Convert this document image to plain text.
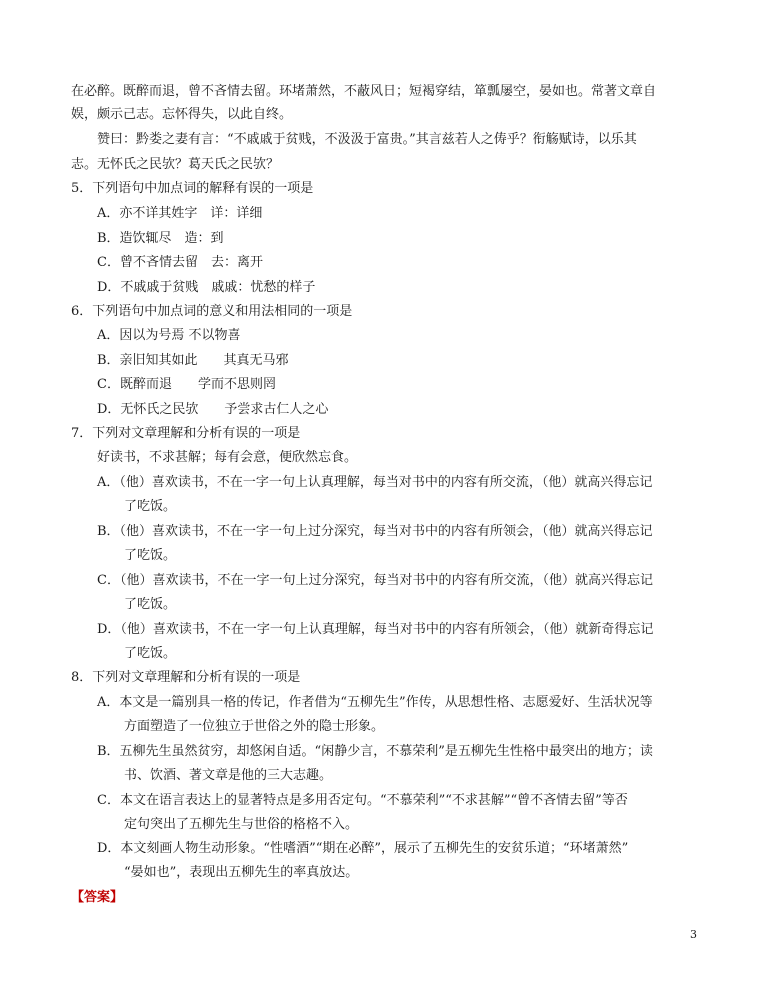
在必醉。既醉而退，曾不吝情去留。环堵萧然，不蔽风日；短褐穿结，箪瓢屡空，晏如也。常著文章自
娱，颇示己志。忘怀得失，以此自终。
赞曰：黔娄之妻有言：“不戚戚于贫贱，不汲汲于富贵。”其言兹若人之俦乎？衔觞赋诗，以乐其
志。无怀氏之民欤？葛天氏之民欤？
5．下列语句中加点词的解释有误的一项是
A．亦不详其姓字　详：详细
B．造饮辄尽　造：到
C．曾不吝情去留　去：离开
D．不戚戚于贫贱　戚戚：忧愁的样子
6．下列语句中加点词的意义和用法相同的一项是
A．因以为号焉 不以物喜
B．亲旧知其如此　　其真无马邪
C．既醉而退　　学而不思则罔
D．无怀氏之民欤　　予尝求古仁人之心
7．下列对文章理解和分析有误的一项是
好读书，不求甚解；每有会意，便欣然忘食。
A．（他）喜欢读书，不在一字一句上认真理解，每当对书中的内容有所交流，（他）就高兴得忘记
了吃饭。
B．（他）喜欢读书，不在一字一句上过分深究，每当对书中的内容有所领会，（他）就高兴得忘记
了吃饭。
C．（他）喜欢读书，不在一字一句上过分深究，每当对书中的内容有所交流，（他）就高兴得忘记
了吃饭。
D．（他）喜欢读书，不在一字一句上认真理解，每当对书中的内容有所领会，（他）就新奇得忘记
了吃饭。
8．下列对文章理解和分析有误的一项是
A．本文是一篇别具一格的传记，作者借为“五柳先生”作传，从思想性格、志愿爱好、生活状况等
方面塑造了一位独立于世俗之外的隐士形象。
B．五柳先生虽然贫穷，却悠闲自适。“闲静少言，不慕荣利”是五柳先生性格中最突出的地方；读
书、饮酒、著文章是他的三大志趣。
C．本文在语言表达上的显著特点是多用否定句。“不慕荣利”“不求甚解”“曾不吝情去留”等否
定句突出了五柳先生与世俗的格格不入。
D．本文刻画人物生动形象。“性嗜酒”“期在必醉”，展示了五柳先生的安贫乐道；“环堵萧然”
“晏如也”，表现出五柳先生的率真放达。
【答案】
3
